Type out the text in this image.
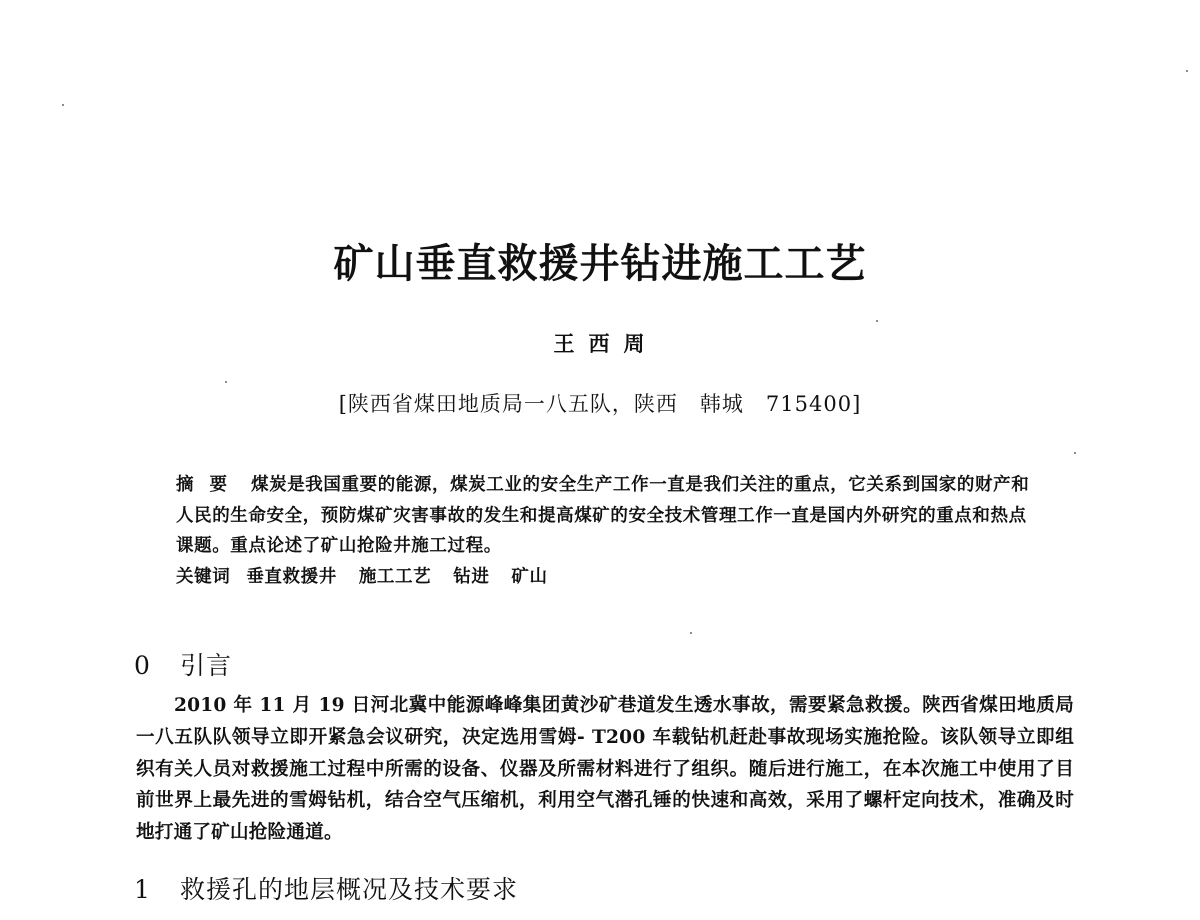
矿山垂直救援井钻进施工工艺
王西周
[陕西省煤田地质局一八五队，陕西　韩城　715400]
摘要 煤炭是我国重要的能源，煤炭工业的安全生产工作一直是我们关注的重点，它关系到国家的财产和人民的生命安全，预防煤矿灾害事故的发生和提高煤矿的安全技术管理工作一直是国内外研究的重点和热点课题。重点论述了矿山抢险井施工过程。
关键词 垂直救援井 施工工艺 钻进 矿山
0 引言
2010 年 11 月 19 日河北冀中能源峰峰集团黄沙矿巷道发生透水事故，需要紧急救援。陕西省煤田地质局一八五队队领导立即开紧急会议研究，决定选用雪姆- T200 车载钻机赶赴事故现场实施抢险。该队领导立即组织有关人员对救援施工过程中所需的设备、仪器及所需材料进行了组织。随后进行施工，在本次施工中使用了目前世界上最先进的雪姆钻机，结合空气压缩机，利用空气潜孔锤的快速和高效，采用了螺杆定向技术，准确及时地打通了矿山抢险通道。
1 救援孔的地层概况及技术要求
